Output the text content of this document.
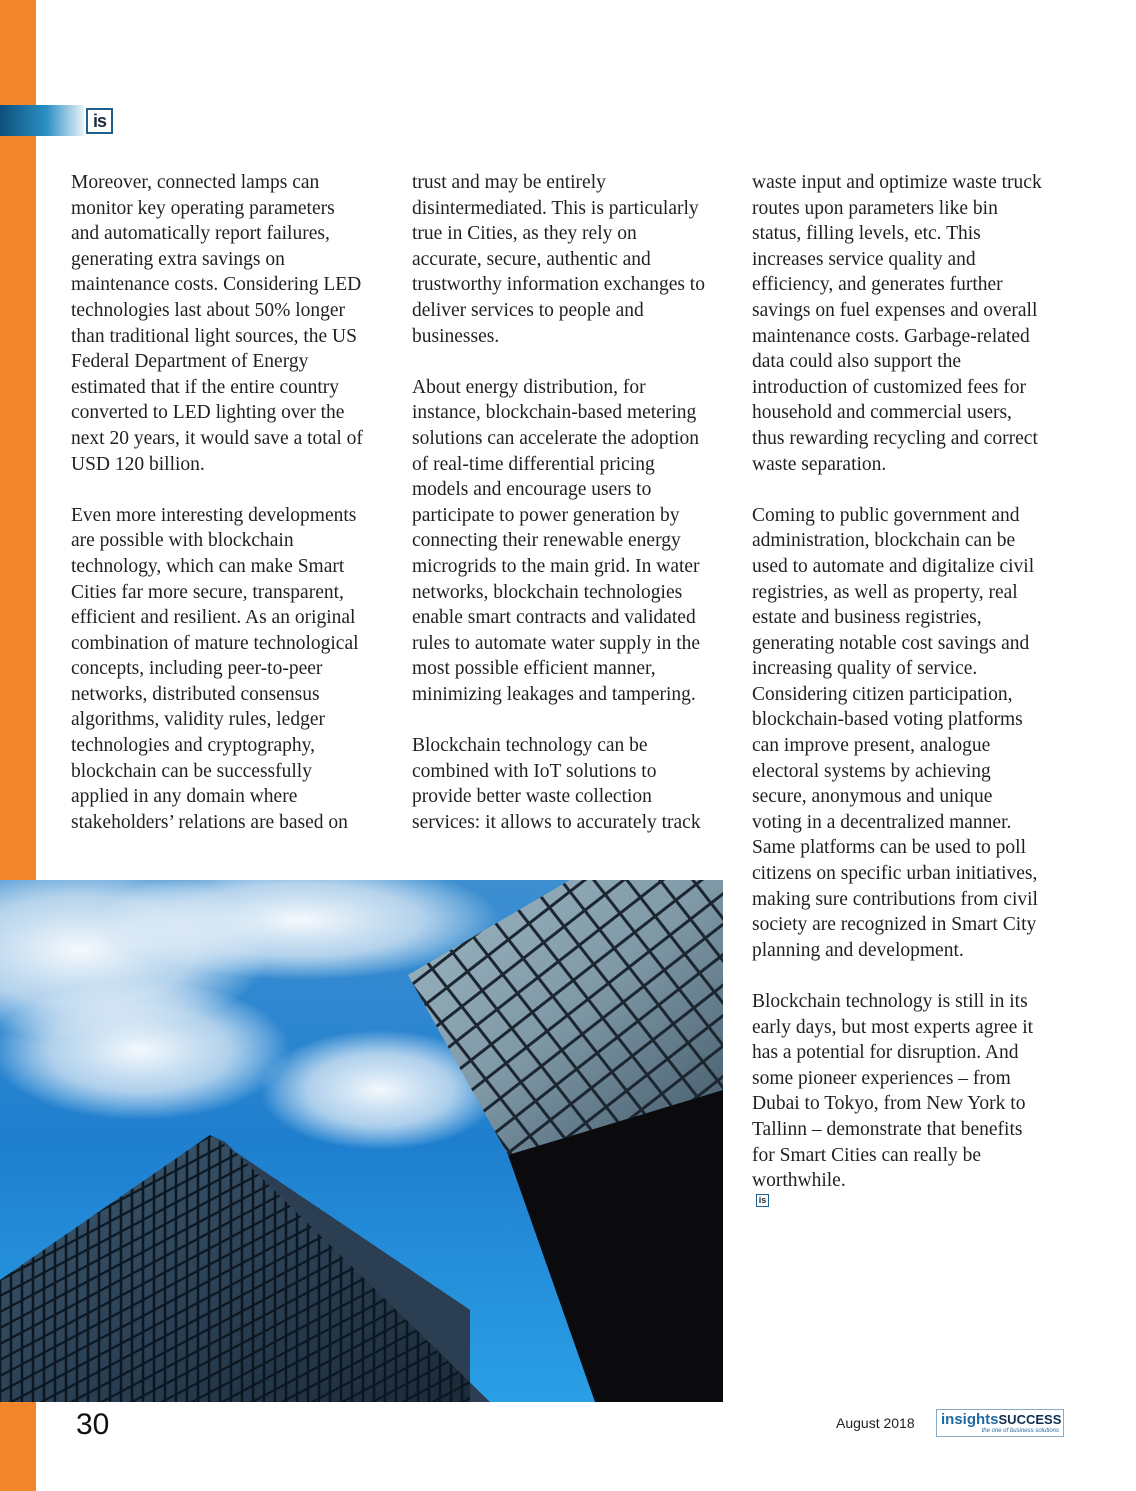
is

Moreover, connected lamps can
monitor key operating parameters
and automatically report failures,
generating extra savings on
maintenance costs. Considering LED
technologies last about 50% longer
than traditional light sources, the US
Federal Department of Energy
estimated that if the entire country
converted to LED lighting over the
next 20 years, it would save a total of
USD 120 billion.

Even more interesting developments
are possible with blockchain
technology, which can make Smart
Cities far more secure, transparent,
efficient and resilient. As an original
combination of mature technological
concepts, including peer-to-peer
networks, distributed consensus
algorithms, validity rules, ledger
technologies and cryptography,
blockchain can be successfully
applied in any domain where
stakeholders’ relations are based on

trust and may be entirely
disintermediated. This is particularly
true in Cities, as they rely on
accurate, secure, authentic and
trustworthy information exchanges to
deliver services to people and
businesses.

About energy distribution, for
instance, blockchain-based metering
solutions can accelerate the adoption
of real-time differential pricing
models and encourage users to
participate to power generation by
connecting their renewable energy
microgrids to the main grid. In water
networks, blockchain technologies
enable smart contracts and validated
rules to automate water supply in the
most possible efficient manner,
minimizing leakages and tampering.

Blockchain technology can be
combined with IoT solutions to
provide better waste collection
services: it allows to accurately track

waste input and optimize waste truck
routes upon parameters like bin
status, filling levels, etc. This
increases service quality and
efficiency, and generates further
savings on fuel expenses and overall
maintenance costs. Garbage-related
data could also support the
introduction of customized fees for
household and commercial users,
thus rewarding recycling and correct
waste separation.

Coming to public government and
administration, blockchain can be
used to automate and digitalize civil
registries, as well as property, real
estate and business registries,
generating notable cost savings and
increasing quality of service.
Considering citizen participation,
blockchain-based voting platforms
can improve present, analogue
electoral systems by achieving
secure, anonymous and unique
voting in a decentralized manner.
Same platforms can be used to poll
citizens on specific urban initiatives,
making sure contributions from civil
society are recognized in Smart City
planning and development.

Blockchain technology is still in its
early days, but most experts agree it
has a potential for disruption. And
some pioneer experiences – from
Dubai to Tokyo, from New York to
Tallinn – demonstrate that benefits
for Smart Cities can really be
worthwhile.
is

30	August 2018 insightsSUCCESS
the one of business solutions
